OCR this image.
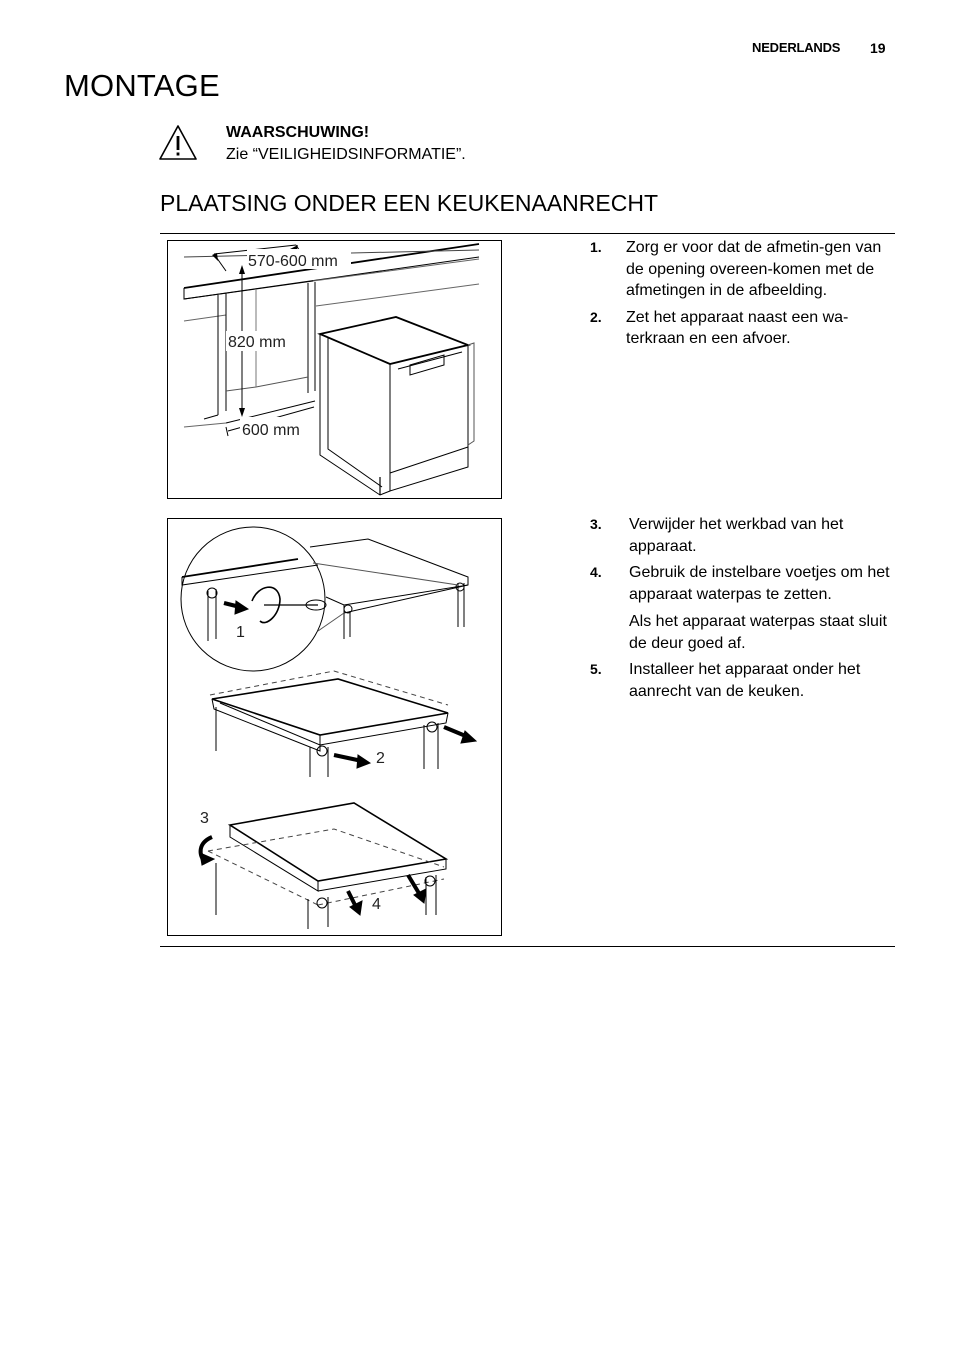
NEDERLANDS 19
MONTAGE
WAARSCHUWING!
Zie “VEILIGHEIDSINFORMATIE”.
PLAATSING ONDER EEN KEUKENAANRECHT
570-600 mm
820 mm
600 mm
1
2
3
4
1. Zorg er voor dat de afmetin-gen van de opening overeen-komen met de afmetingen in de afbeelding.
2. Zet het apparaat naast een wa-terkraan en een afvoer.
3. Verwijder het werkbad van het apparaat.
4. Gebruik de instelbare voetjes om het apparaat waterpas te zetten.
Als het apparaat waterpas staat sluit de deur goed af.
5. Installeer het apparaat onder het aanrecht van de keuken.
